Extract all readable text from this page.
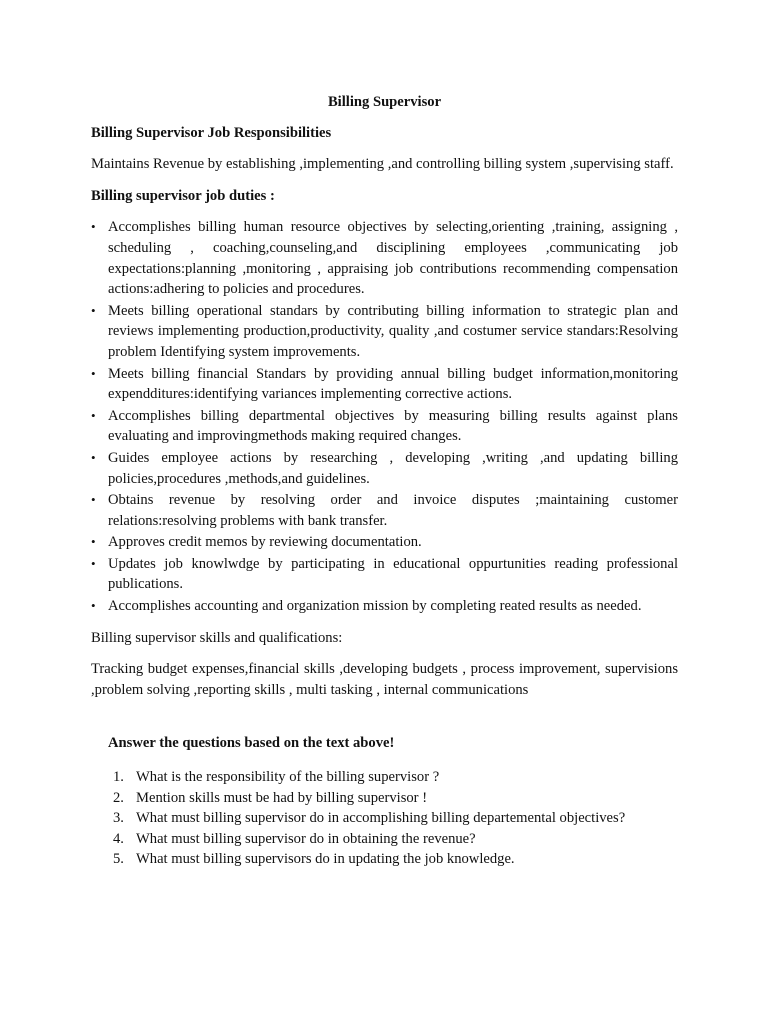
Billing Supervisor
Billing Supervisor Job Responsibilities

Maintains Revenue by establishing ,implementing ,and controlling billing system ,supervising staff.

Billing supervisor job duties :
• Accomplishes billing human resource objectives by selecting,orienting ,training, assigning , scheduling , coaching,counseling,and disciplining employees ,communicating job expectations:planning ,monitoring , appraising job contributions recommending compensation actions:adhering to policies and procedures.
• Meets billing operational standars by contributing billing information to strategic plan and reviews implementing production,productivity, quality ,and costumer service standars:Resolving problem Identifying system improvements.
• Meets billing financial Standars by providing annual billing budget information,monitoring expendditures:identifying variances implementing corrective actions.
• Accomplishes billing departmental objectives by measuring billing results against plans evaluating and improvingmethods making required changes.
• Guides employee actions by researching , developing ,writing ,and updating billing policies,procedures ,methods,and guidelines.
• Obtains revenue by resolving order and invoice disputes ;maintaining customer relations:resolving problems with bank transfer.
• Approves credit memos by reviewing documentation.
• Updates job knowlwdge by participating in educational oppurtunities reading professional publications.
• Accomplishes accounting and organization mission by completing reated results as needed.

Billing supervisor skills and qualifications:

Tracking budget expenses,financial skills ,developing budgets , process improvement, supervisions ,problem solving ,reporting skills , multi tasking , internal communications

Answer the questions based on the text above!
1. What is the responsibility of the billing supervisor ?
2. Mention skills must be had by billing supervisor !
3. What must billing supervisor do in accomplishing billing departemental objectives?
4. What must billing supervisor do in obtaining the revenue?
5. What must billing supervisors do in updating the job knowledge.
